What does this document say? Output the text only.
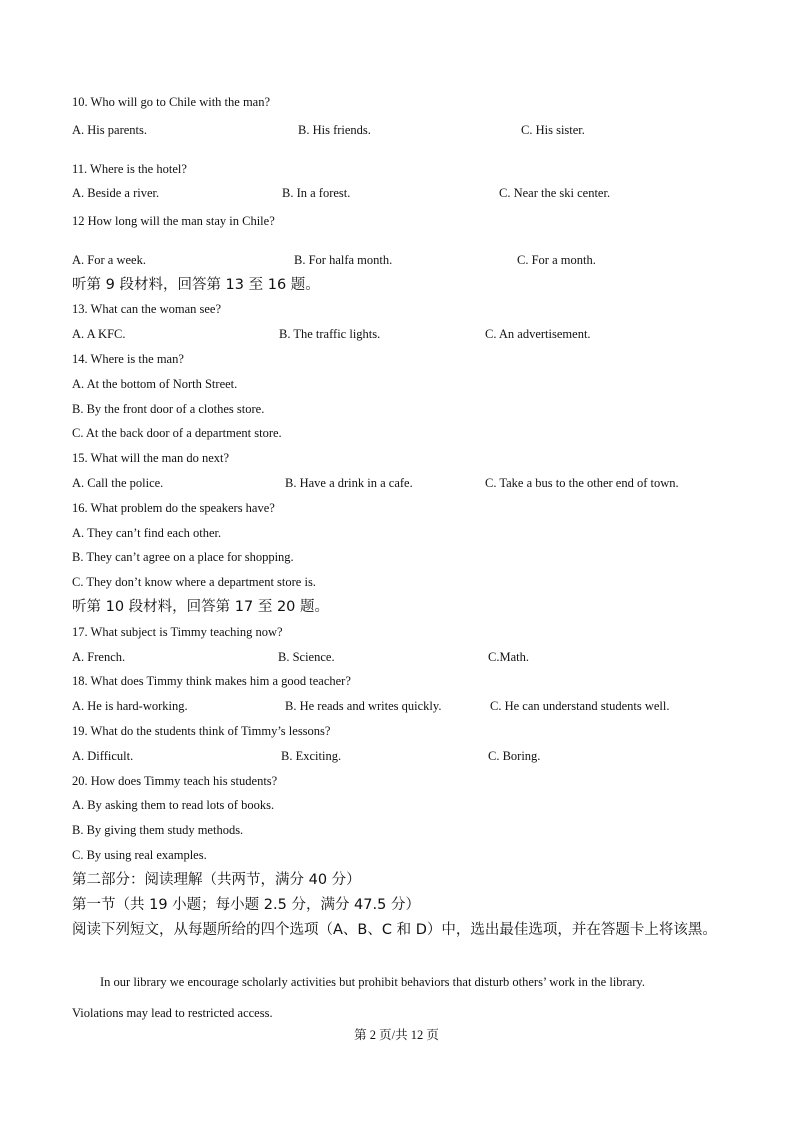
10. Who will go to Chile with the man?
A. His parents.	B. His friends.	C. His sister.
11. Where is the hotel?
A. Beside a river.	B. In a forest.	C. Near the ski center.
12 How long will the man stay in Chile?
A. For a week.	B. For halfa month.	C. For a month.
听第 9 段材料，回答第 13 至 16 题。
13. What can the woman see?
A. A KFC.	B. The traffic lights.	C. An advertisement.
14. Where is the man?
A. At the bottom of North Street.
B. By the front door of a clothes store.
C. At the back door of a department store.
15. What will the man do next?
A. Call the police.	B. Have a drink in a cafe.	C. Take a bus to the other end of town.
16. What problem do the speakers have?
A. They can’t find each other.
B. They can’t agree on a place for shopping.
C. They don’t know where a department store is.
听第 10 段材料，回答第 17 至 20 题。
17. What subject is Timmy teaching now?
A. French.	B. Science.	C.Math.
18. What does Timmy think makes him a good teacher?
A. He is hard-working.	B. He reads and writes quickly.	C. He can understand students well.
19. What do the students think of Timmy’s lessons?
A. Difficult.	B. Exciting.	C. Boring.
20. How does Timmy teach his students?
A. By asking them to read lots of books.
B. By giving them study methods.
C. By using real examples.
第二部分：阅读理解（共两节，满分 40 分）
第一节（共 19 小题；每小题 2.5 分，满分 47.5 分）
阅读下列短文，从每题所给的四个选项（A、B、C 和 D）中，选出最佳选项，并在答题卡上将该黑。
In our library we encourage scholarly activities but prohibit behaviors that disturb others’ work in the library.
Violations may lead to restricted access.
第 2 页/共 12 页
